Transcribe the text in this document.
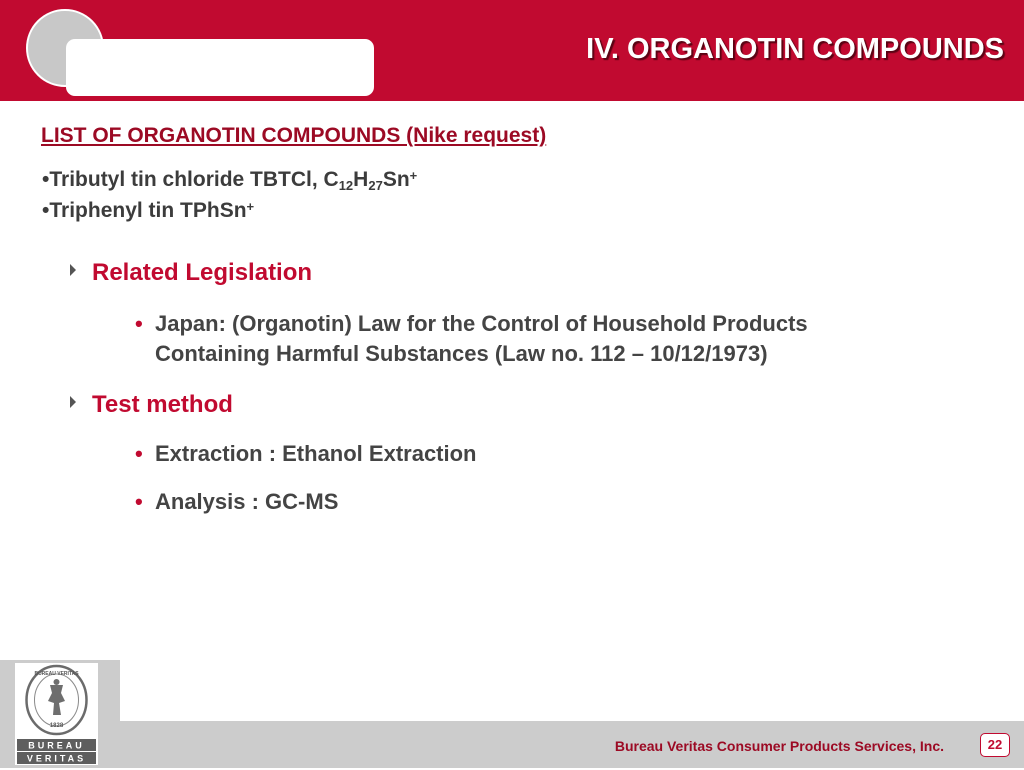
IV. ORGANOTIN COMPOUNDS
LIST OF ORGANOTIN COMPOUNDS (Nike request)
•Tributyl tin chloride TBTCl, $C_{12}H_{27}Sn^+$
•Triphenyl tin TPhSn+
Related Legislation
• Japan: (Organotin) Law for the Control of Household Products
Containing Harmful Substances (Law no. 112 – 10/12/1973)
Test method
• Extraction : Ethanol Extraction
• Analysis : GC-MS
BUREAU VERITAS
1828
BUREAU
VERITAS
Bureau Veritas Consumer Products Services, Inc.	22
